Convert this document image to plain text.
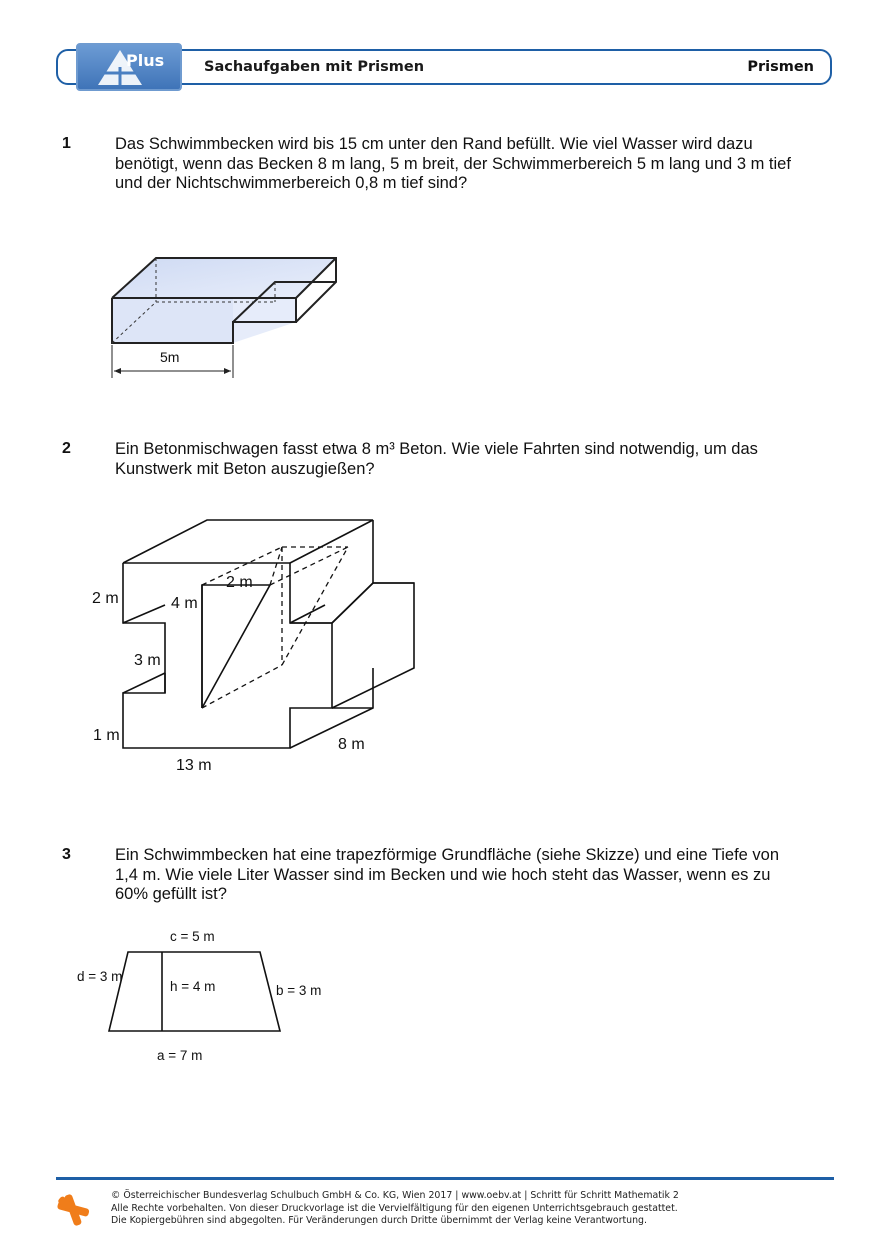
Plus	Sachaufgaben mit Prismen	Prismen
1	Das Schwimmbecken wird bis 15 cm unter den Rand befüllt. Wie viel Wasser wird dazu
benötigt, wenn das Becken 8 m lang, 5 m breit, der Schwimmerbereich 5 m lang und 3 m tief
und der Nichtschwimmerbereich 0,8 m tief sind?
5m
2	Ein Betonmischwagen fasst etwa 8 m³ Beton. Wie viele Fahrten sind notwendig, um das
Kunstwerk mit Beton auszugießen?
2 m	4 m
2 m
3 m
1 m
13 m
8 m
3	Ein Schwimmbecken hat eine trapezförmige Grundfläche (siehe Skizze) und eine Tiefe von
1,4 m. Wie viele Liter Wasser sind im Becken und wie hoch steht das Wasser, wenn es zu
60% gefüllt ist?
c = 5 m
d = 3 m
h = 4 m	b = 3 m
a = 7 m
© Österreichischer Bundesverlag Schulbuch GmbH & Co. KG, Wien 2017 | www.oebv.at | Schritt für Schritt Mathematik 2
Alle Rechte vorbehalten. Von dieser Druckvorlage ist die Vervielfältigung für den eigenen Unterrichtsgebrauch gestattet.
Die Kopiergebühren sind abgegolten. Für Veränderungen durch Dritte übernimmt der Verlag keine Verantwortung.
